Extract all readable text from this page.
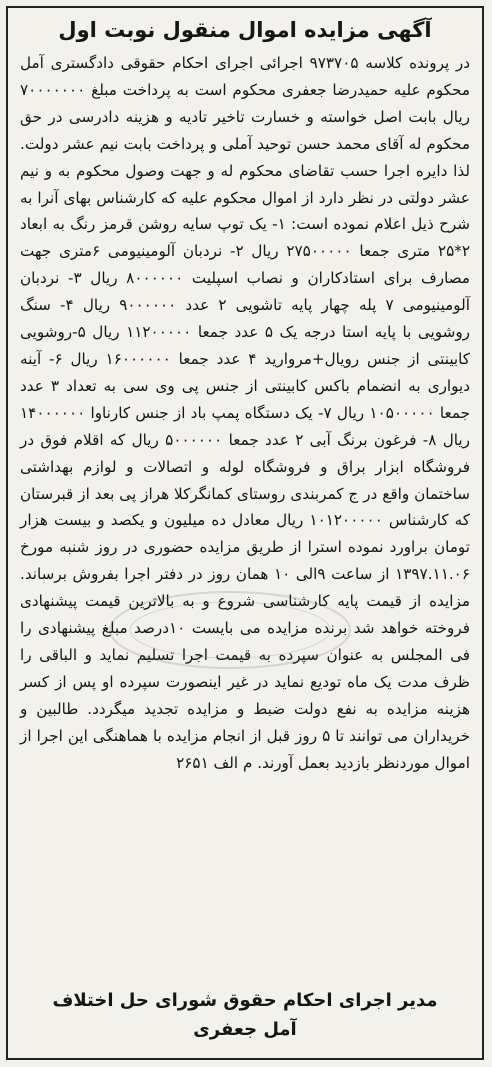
آگهی مزایده اموال منقول نوبت اول

در پرونده کلاسه ۹۷۳۷۰۵ اجرائی اجرای احکام حقوقی دادگستری آمل محکوم علیه حمیدرضا جعفری محکوم است به پرداخت مبلغ ۷۰۰۰۰۰۰۰ ریال بابت اصل خواسته و خسارت تاخیر تادیه و هزینه دادرسی در حق محکوم له آقای محمد حسن توحید آملی و پرداخت بابت نیم عشر دولت. لذا دایره اجرا حسب تقاضای محکوم له و جهت وصول محکوم به و نیم عشر دولتی در نظر دارد از اموال محکوم علیه که کارشناس بهای آنرا به شرح ذیل اعلام نموده است: ۱- یک توپ سایه روشن قرمز رنگ به ابعاد ۲*۲۵ متری جمعا ۲۷۵۰۰۰۰۰ ریال ۲- نردبان آلومینیومی ۶متری جهت مصارف برای استادکاران و نصاب اسپلیت ۸۰۰۰۰۰۰ ریال ۳- نردبان آلومینیومی ۷ پله چهار پایه تاشویی ۲ عدد ۹۰۰۰۰۰۰ ریال ۴- سنگ روشویی با پایه استا درجه یک ۵ عدد جمعا ۱۱۲۰۰۰۰۰ ریال ۵-روشویی کابینتی از جنس رویال+مروارید ۴ عدد جمعا ۱۶۰۰۰۰۰۰ ریال ۶- آینه دیواری به انضمام باکس کابینتی از جنس پی وی سی به تعداد ۳ عدد جمعا ۱۰۵۰۰۰۰۰ ریال ۷- یک دستگاه پمپ باد از جنس کارناوا ۱۴۰۰۰۰۰۰ ریال ۸- فرغون برنگ آبی ۲ عدد جمعا ۵۰۰۰۰۰۰ ریال که اقلام فوق در فروشگاه ابزار براق و فروشگاه لوله و اتصالات و لوازم بهداشتی ساختمان واقع در ج کمربندی روستای کمانگرکلا هراز پی بعد از قبرستان که کارشناس ۱۰۱۲۰۰۰۰۰ ریال معادل ده میلیون و یکصد و بیست هزار تومان براورد نموده استرا از طریق مزایده حضوری در روز شنبه مورخ ۱۳۹۷.۱۱.۰۶ از ساعت ۹الی ۱۰ همان روز در دفتر اجرا بفروش برساند. مزایده از قیمت پایه کارشناسی شروع و به بالاترین قیمت پیشنهادی فروخته خواهد شد برنده مزایده می بایست ۱۰درصد مبلغ پیشنهادی را فی المجلس به عنوان سپرده به قیمت اجرا تسلیم نماید و الباقی را ظرف مدت یک ماه تودیع نماید در غیر اینصورت سپرده او پس از کسر هزینه مزایده به نفع دولت ضبط و مزایده تجدید میگردد. طالبین و خریداران می توانند تا ۵ روز قبل از انجام مزایده با هماهنگی این اجرا از اموال موردنظر بازدید بعمل آورند. م الف ۲۶۵۱

مدیر اجرای احکام حقوق شورای حل اختلاف
آمل جعفری
